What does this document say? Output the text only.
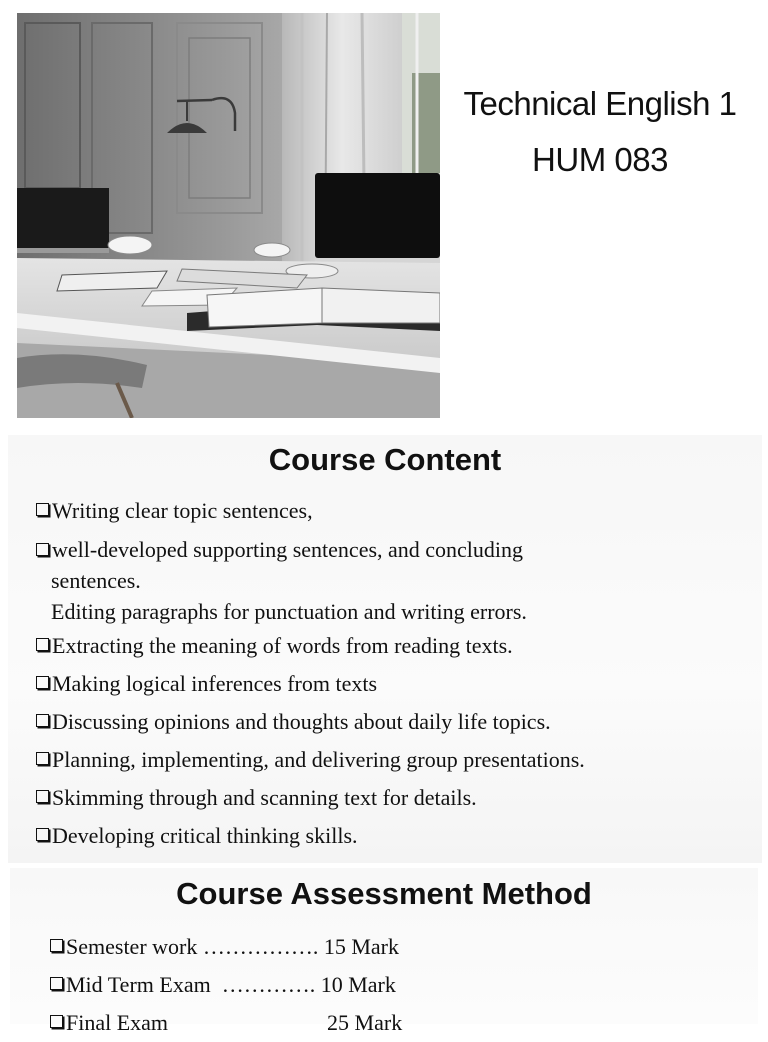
Technical English 1
HUM 083
Course Content
Writing clear topic sentences,
well-developed supporting sentences, and concluding
sentences.
Editing paragraphs for punctuation and writing errors.
Extracting the meaning of words from reading texts.
Making logical inferences from texts
Discussing opinions and thoughts about daily life topics.
Planning, implementing, and delivering group presentations.
Skimming through and scanning text for details.
Developing critical thinking skills.
Course Assessment Method
Semester work ……………. 15 Mark
Mid Term Exam …………. 10 Mark
Final Exam	25 Mark
